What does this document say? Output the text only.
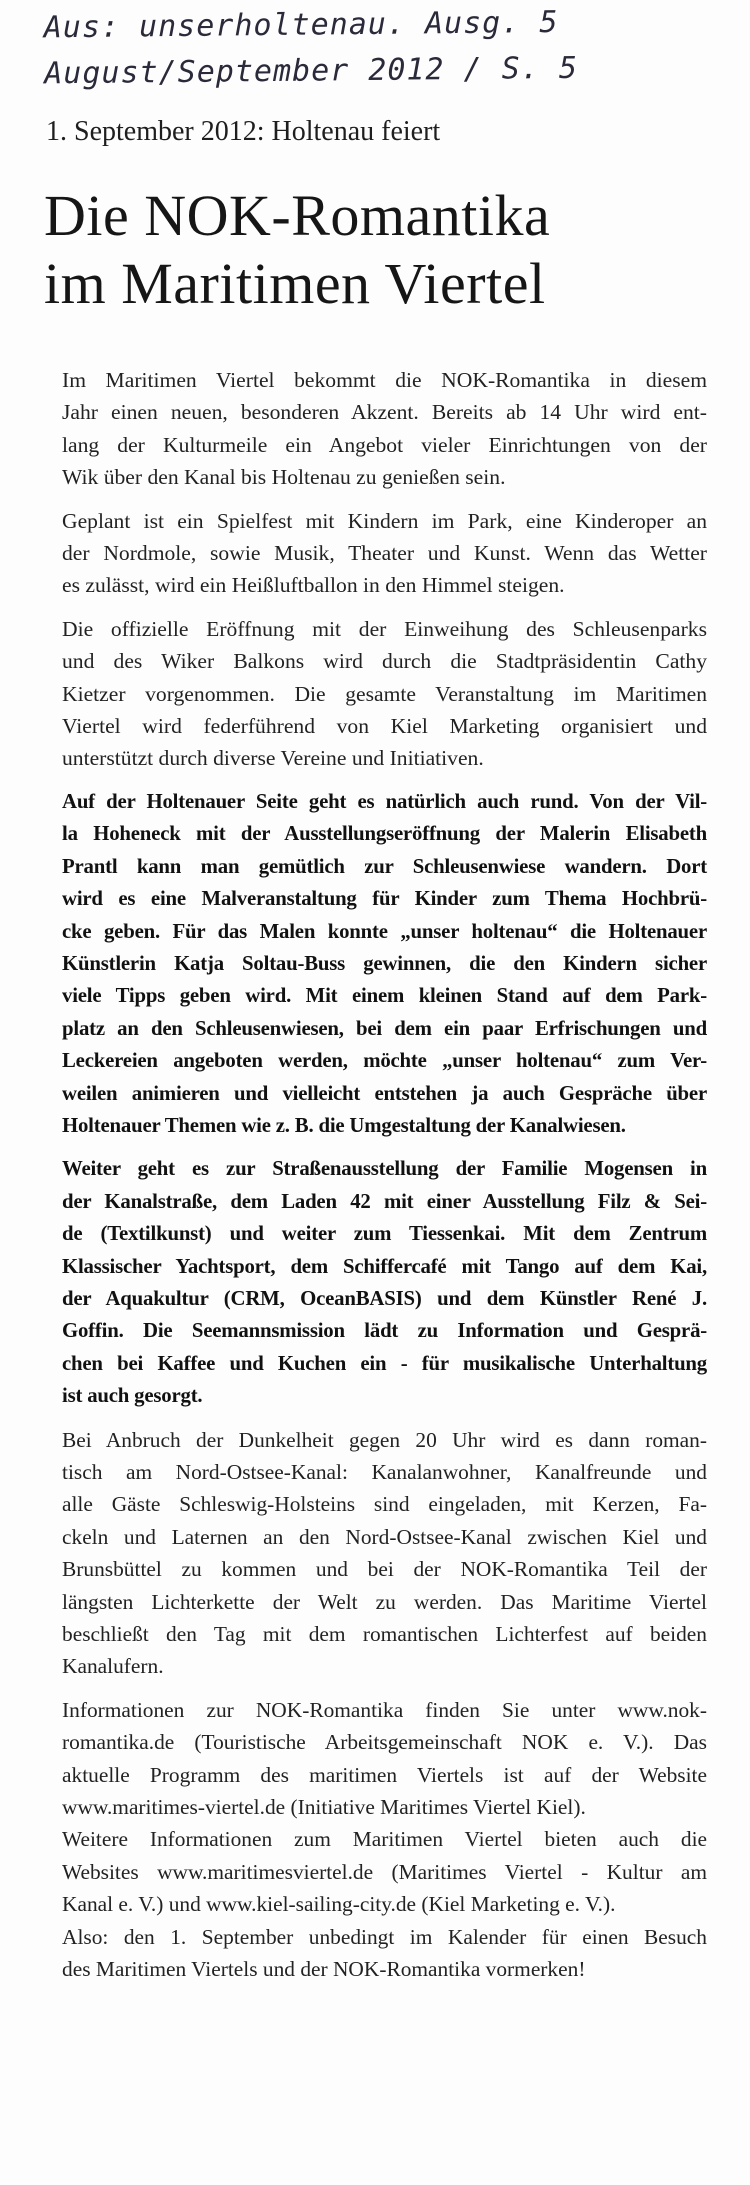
Aus: unserholtenau. Ausg. 5
August/September 2012 / S. 5
1. September 2012: Holtenau feiert
Die NOK-Romantika
im Maritimen Viertel
Im Maritimen Viertel bekommt die NOK-Romantika in diesem
Jahr einen neuen, besonderen Akzent. Bereits ab 14 Uhr wird ent-
lang der Kulturmeile ein Angebot vieler Einrichtungen von der
Wik über den Kanal bis Holtenau zu genießen sein.
Geplant ist ein Spielfest mit Kindern im Park, eine Kinderoper an
der Nordmole, sowie Musik, Theater und Kunst. Wenn das Wetter
es zulässt, wird ein Heißluftballon in den Himmel steigen.
Die offizielle Eröffnung mit der Einweihung des Schleusenparks
und des Wiker Balkons wird durch die Stadtpräsidentin Cathy
Kietzer vorgenommen. Die gesamte Veranstaltung im Maritimen
Viertel wird federführend von Kiel Marketing organisiert und
unterstützt durch diverse Vereine und Initiativen.
Auf der Holtenauer Seite geht es natürlich auch rund. Von der Vil-
la Hoheneck mit der Ausstellungseröffnung der Malerin Elisabeth
Prantl kann man gemütlich zur Schleusenwiese wandern. Dort
wird es eine Malveranstaltung für Kinder zum Thema Hochbrü-
cke geben. Für das Malen konnte „unser holtenau“ die Holtenauer
Künstlerin Katja Soltau-Buss gewinnen, die den Kindern sicher
viele Tipps geben wird. Mit einem kleinen Stand auf dem Park-
platz an den Schleusenwiesen, bei dem ein paar Erfrischungen und
Leckereien angeboten werden, möchte „unser holtenau“ zum Ver-
weilen animieren und vielleicht entstehen ja auch Gespräche über
Holtenauer Themen wie z. B. die Umgestaltung der Kanalwiesen.
Weiter geht es zur Straßenausstellung der Familie Mogensen in
der Kanalstraße, dem Laden 42 mit einer Ausstellung Filz & Sei-
de (Textilkunst) und weiter zum Tiessenkai. Mit dem Zentrum
Klassischer Yachtsport, dem Schiffercafé mit Tango auf dem Kai,
der Aquakultur (CRM, OceanBASIS) und dem Künstler René J.
Goffin. Die Seemannsmission lädt zu Information und Gesprä-
chen bei Kaffee und Kuchen ein - für musikalische Unterhaltung
ist auch gesorgt.
Bei Anbruch der Dunkelheit gegen 20 Uhr wird es dann roman-
tisch am Nord-Ostsee-Kanal: Kanalanwohner, Kanalfreunde und
alle Gäste Schleswig-Holsteins sind eingeladen, mit Kerzen, Fa-
ckeln und Laternen an den Nord-Ostsee-Kanal zwischen Kiel und
Brunsbüttel zu kommen und bei der NOK-Romantika Teil der
längsten Lichterkette der Welt zu werden. Das Maritime Viertel
beschließt den Tag mit dem romantischen Lichterfest auf beiden
Kanalufern.
Informationen zur NOK-Romantika finden Sie unter www.nok-
romantika.de (Touristische Arbeitsgemeinschaft NOK e. V.). Das
aktuelle Programm des maritimen Viertels ist auf der Website
www.maritimes-viertel.de (Initiative Maritimes Viertel Kiel).
Weitere Informationen zum Maritimen Viertel bieten auch die
Websites www.maritimesviertel.de (Maritimes Viertel - Kultur am
Kanal e. V.) und www.kiel-sailing-city.de (Kiel Marketing e. V.).
Also: den 1. September unbedingt im Kalender für einen Besuch
des Maritimen Viertels und der NOK-Romantika vormerken!
